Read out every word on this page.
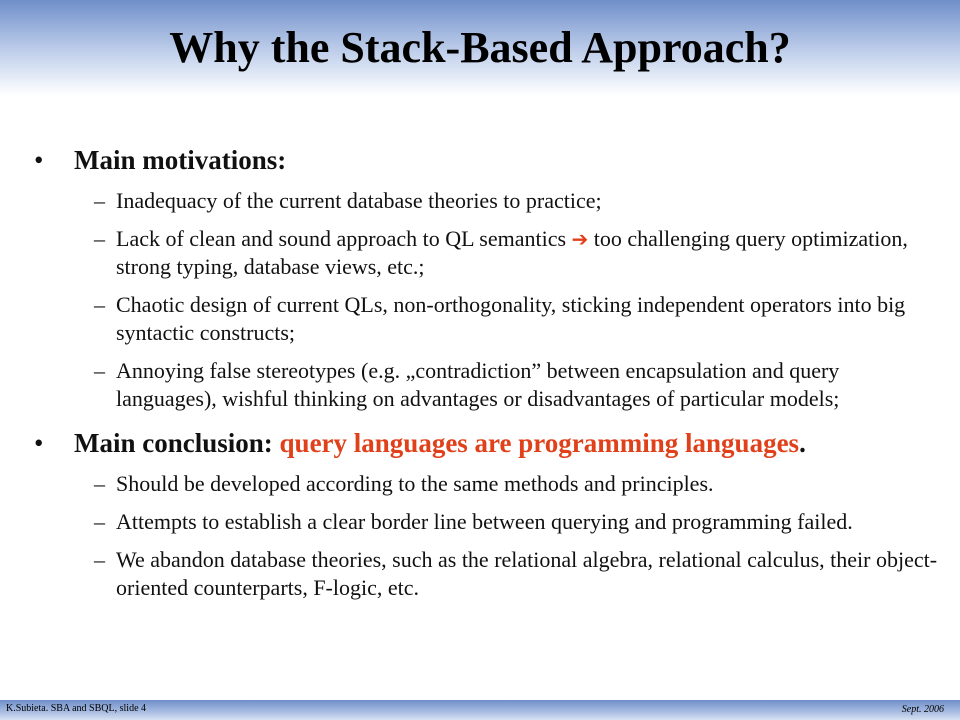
Why the Stack-Based Approach?

• Main motivations:

– Inadequacy of the current database theories to practice;

– Lack of clean and sound approach to QL semantics ➔ too challenging query optimization, strong typing, database views, etc.;

– Chaotic design of current QLs, non-orthogonality, sticking independent operators into big syntactic constructs;

– Annoying false stereotypes (e.g. „contradiction” between encapsulation and query languages), wishful thinking on advantages or disadvantages of particular models;

• Main conclusion: query languages are programming languages.

– Should be developed according to the same methods and principles.

– Attempts to establish a clear border line between querying and programming failed.

– We abandon database theories, such as the relational algebra, relational calculus, their object-oriented counterparts, F-logic, etc.

K.Subieta. SBA and SBQL, slide 4	Sept. 2006
